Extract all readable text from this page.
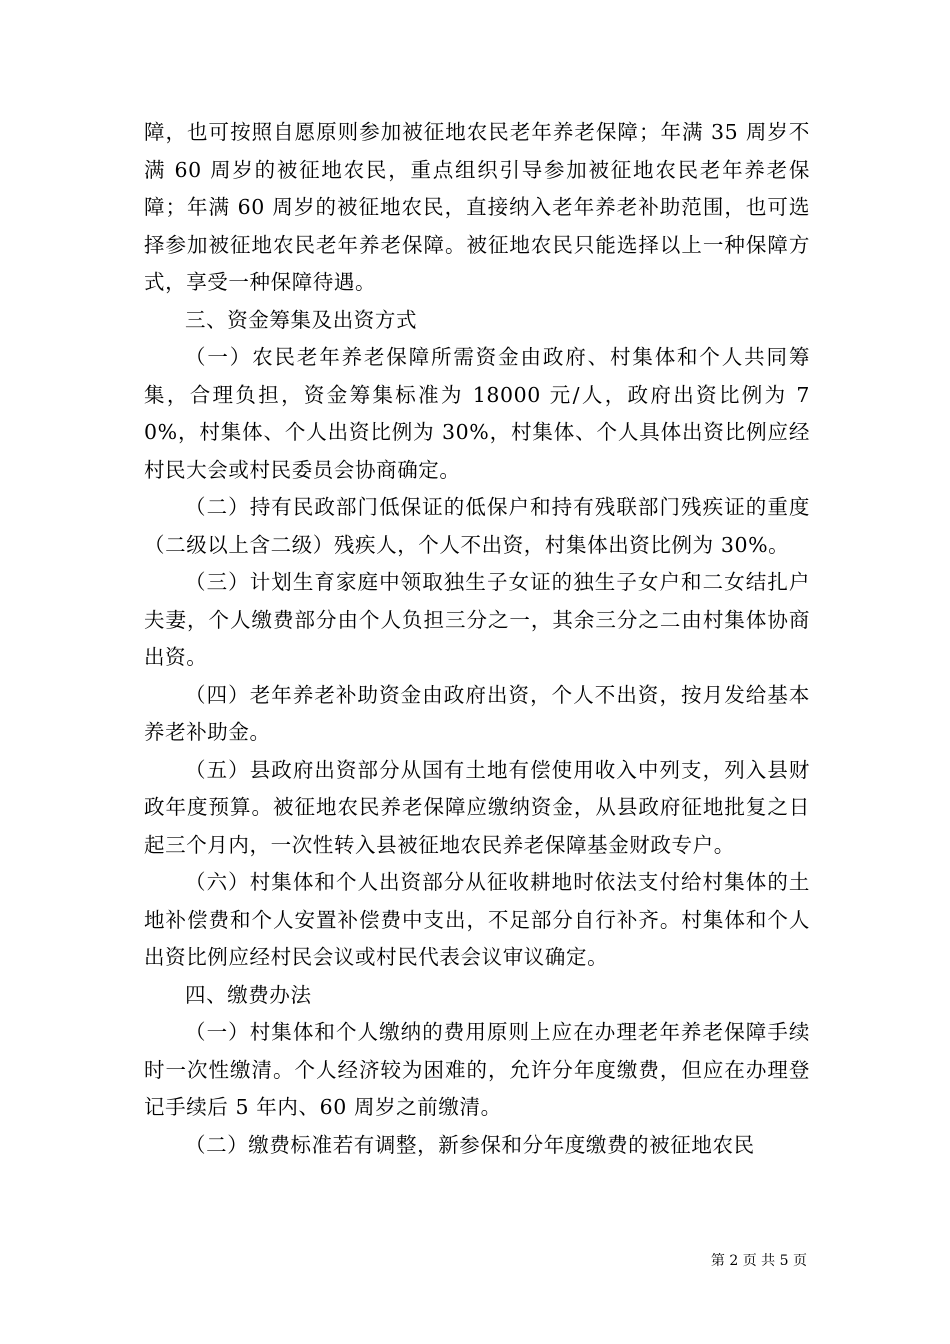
障，也可按照自愿原则参加被征地农民老年养老保障；年满 35 周岁不满 60 周岁的被征地农民，重点组织引导参加被征地农民老年养老保障；年满 60 周岁的被征地农民，直接纳入老年养老补助范围，也可选择参加被征地农民老年养老保障。被征地农民只能选择以上一种保障方式，享受一种保障待遇。

三、资金筹集及出资方式

（一）农民老年养老保障所需资金由政府、村集体和个人共同筹集，合理负担，资金筹集标准为 18000 元/人，政府出资比例为 70%，村集体、个人出资比例为 30%，村集体、个人具体出资比例应经村民大会或村民委员会协商确定。

（二）持有民政部门低保证的低保户和持有残联部门残疾证的重度（二级以上含二级）残疾人，个人不出资，村集体出资比例为 30%。

（三）计划生育家庭中领取独生子女证的独生子女户和二女结扎户夫妻，个人缴费部分由个人负担三分之一，其余三分之二由村集体协商出资。

（四）老年养老补助资金由政府出资，个人不出资，按月发给基本养老补助金。

（五）县政府出资部分从国有土地有偿使用收入中列支，列入县财政年度预算。被征地农民养老保障应缴纳资金，从县政府征地批复之日起三个月内，一次性转入县被征地农民养老保障基金财政专户。

（六）村集体和个人出资部分从征收耕地时依法支付给村集体的土地补偿费和个人安置补偿费中支出，不足部分自行补齐。村集体和个人出资比例应经村民会议或村民代表会议审议确定。

四、缴费办法

（一）村集体和个人缴纳的费用原则上应在办理老年养老保障手续时一次性缴清。个人经济较为困难的，允许分年度缴费，但应在办理登记手续后 5 年内、60 周岁之前缴清。

（二）缴费标准若有调整，新参保和分年度缴费的被征地农民

第 2 页 共 5 页
